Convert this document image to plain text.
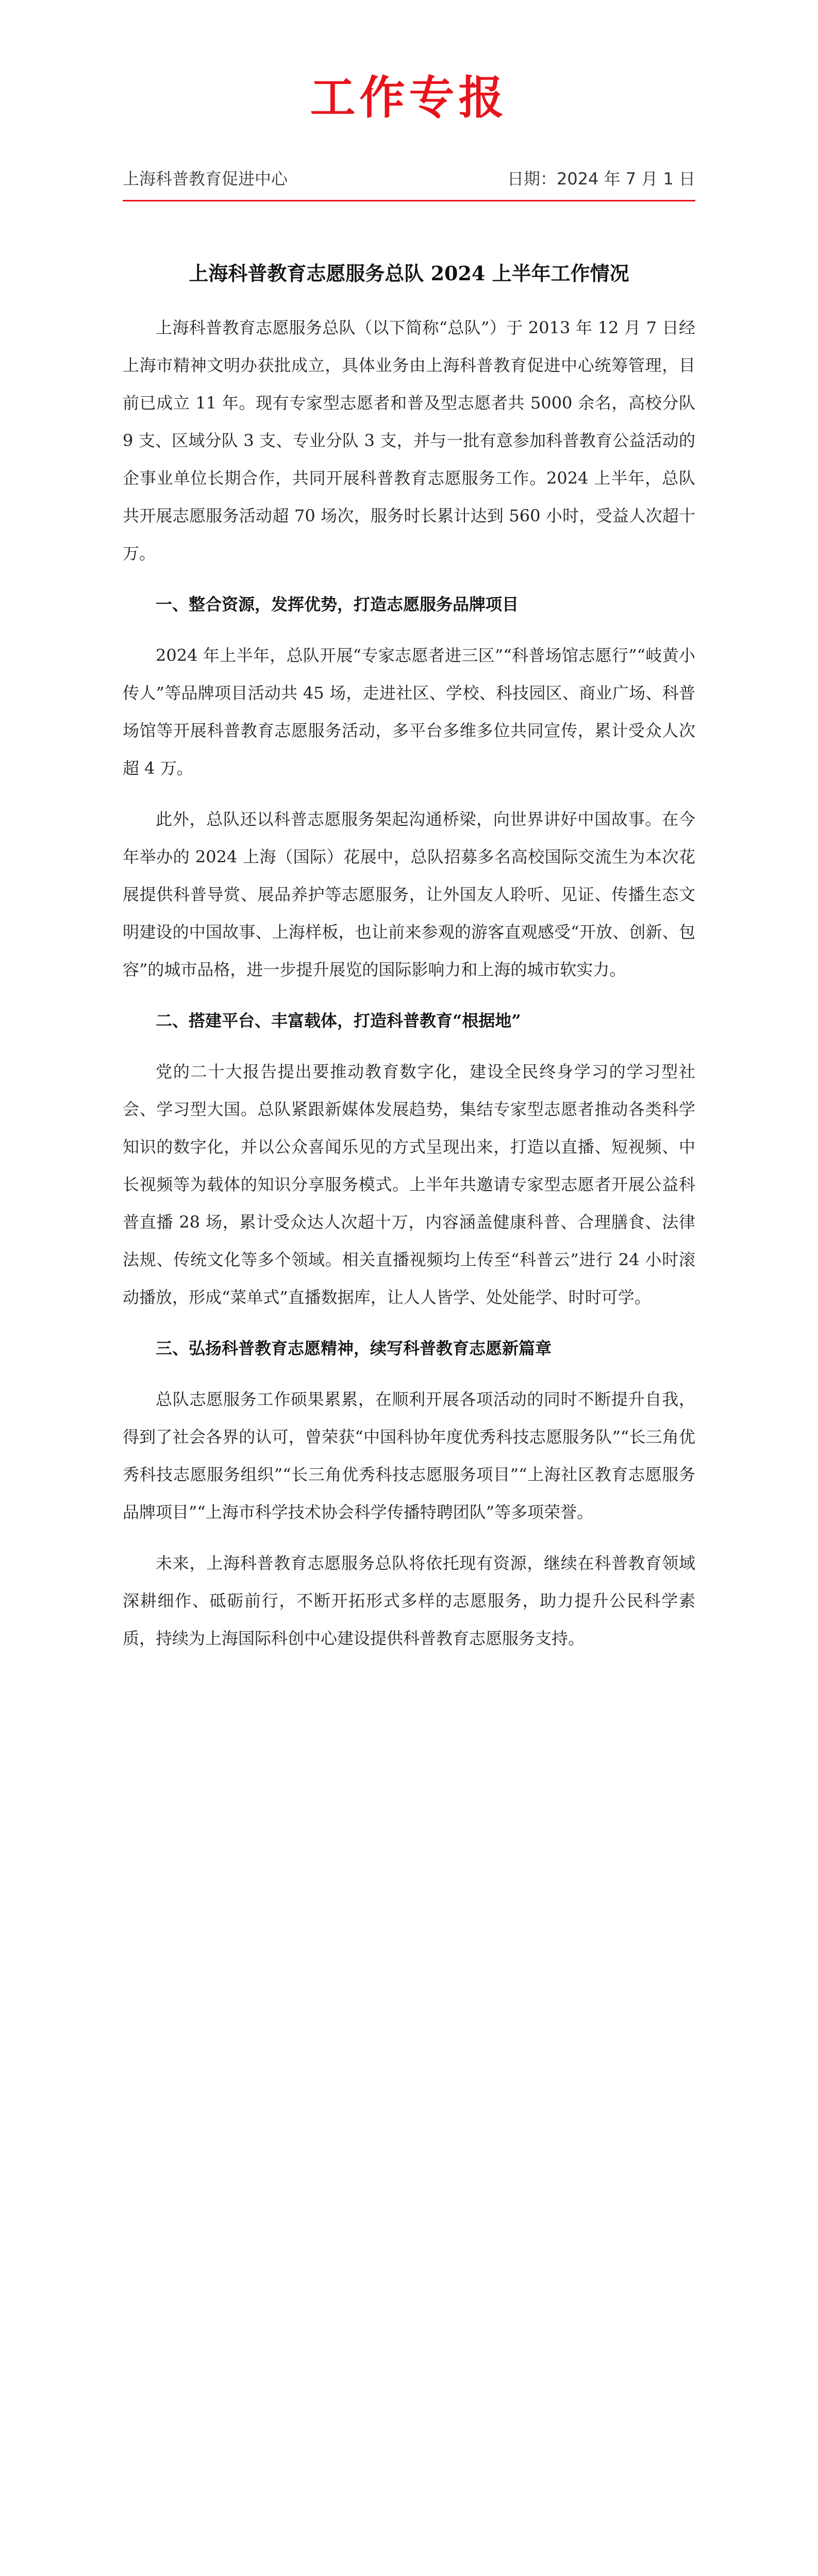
工作专报
上海科普教育促进中心	日期：2024 年 7 月 1 日
上海科普教育志愿服务总队 2024 上半年工作情况

上海科普教育志愿服务总队（以下简称“总队”）于 2013 年 12 月 7 日经上海市精神文明办获批成立，具体业务由上海科普教育促进中心统筹管理，目前已成立 11 年。现有专家型志愿者和普及型志愿者共 5000 余名，高校分队 9 支、区域分队 3 支、专业分队 3 支，并与一批有意参加科普教育公益活动的企事业单位长期合作，共同开展科普教育志愿服务工作。2024 上半年，总队共开展志愿服务活动超 70 场次，服务时长累计达到 560 小时，受益人次超十万。

一、整合资源，发挥优势，打造志愿服务品牌项目

2024 年上半年，总队开展“专家志愿者进三区”“科普场馆志愿行”“岐黄小传人”等品牌项目活动共 45 场，走进社区、学校、科技园区、商业广场、科普场馆等开展科普教育志愿服务活动，多平台多维多位共同宣传，累计受众人次超 4 万。

此外，总队还以科普志愿服务架起沟通桥梁，向世界讲好中国故事。在今年举办的 2024 上海（国际）花展中，总队招募多名高校国际交流生为本次花展提供科普导赏、展品养护等志愿服务，让外国友人聆听、见证、传播生态文明建设的中国故事、上海样板，也让前来参观的游客直观感受“开放、创新、包容”的城市品格，进一步提升展览的国际影响力和上海的城市软实力。

二、搭建平台、丰富载体，打造科普教育“根据地”

党的二十大报告提出要推动教育数字化，建设全民终身学习的学习型社会、学习型大国。总队紧跟新媒体发展趋势，集结专家型志愿者推动各类科学知识的数字化，并以公众喜闻乐见的方式呈现出来，打造以直播、短视频、中长视频等为载体的知识分享服务模式。上半年共邀请专家型志愿者开展公益科普直播 28 场，累计受众达人次超十万，内容涵盖健康科普、合理膳食、法律法规、传统文化等多个领域。相关直播视频均上传至“科普云”进行 24 小时滚动播放，形成“菜单式”直播数据库，让人人皆学、处处能学、时时可学。

三、弘扬科普教育志愿精神，续写科普教育志愿新篇章

总队志愿服务工作硕果累累，在顺利开展各项活动的同时不断提升自我，得到了社会各界的认可，曾荣获“中国科协年度优秀科技志愿服务队”“长三角优秀科技志愿服务组织”“长三角优秀科技志愿服务项目”“上海社区教育志愿服务品牌项目”“上海市科学技术协会科学传播特聘团队”等多项荣誉。

未来，上海科普教育志愿服务总队将依托现有资源，继续在科普教育领域深耕细作、砥砺前行，不断开拓形式多样的志愿服务，助力提升公民科学素质，持续为上海国际科创中心建设提供科普教育志愿服务支持。
